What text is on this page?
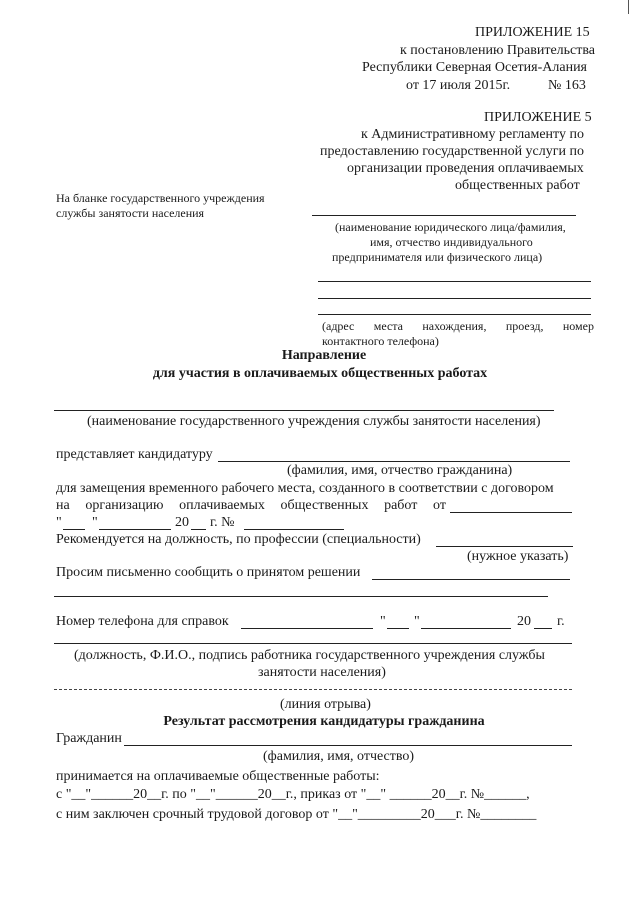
ПРИЛОЖЕНИЕ 15
к постановлению Правительства
Республики Северная Осетия-Алания
от 17 июля 2015г.	№ 163
ПРИЛОЖЕНИЕ 5
к Административному регламенту по
предоставлению государственной услуги по
организации проведения оплачиваемых
общественных работ
На бланке государственного учреждения
службы занятости населения
(наименование юридического лица/фамилия,
имя, отчество индивидуального
предпринимателя или физического лица)
(адрес места нахождения, проезд, номер
контактного телефона)
Направление
для участия в оплачиваемых общественных работах
(наименование государственного учреждения службы занятости населения)
представляет кандидатуру
(фамилия, имя, отчество гражданина)
для замещения временного рабочего места, созданного в соответствии с договором
на организацию оплачиваемых общественных работ от
" "	20 г. №
Рекомендуется на должность, по профессии (специальности)
(нужное указать)
Просим письменно сообщить о принятом решении
Номер телефона для справок	" "	20 г.
(должность, Ф.И.О., подпись работника государственного учреждения службы
занятости населения)
(линия отрыва)
Результат рассмотрения кандидатуры гражданина
Гражданин
(фамилия, имя, отчество)
принимается на оплачиваемые общественные работы:
с "__"______20__г. по "__"______20__г., приказ от "__" ______20__г. №______,
с ним заключен срочный трудовой договор от "__"_________20___г. №________
